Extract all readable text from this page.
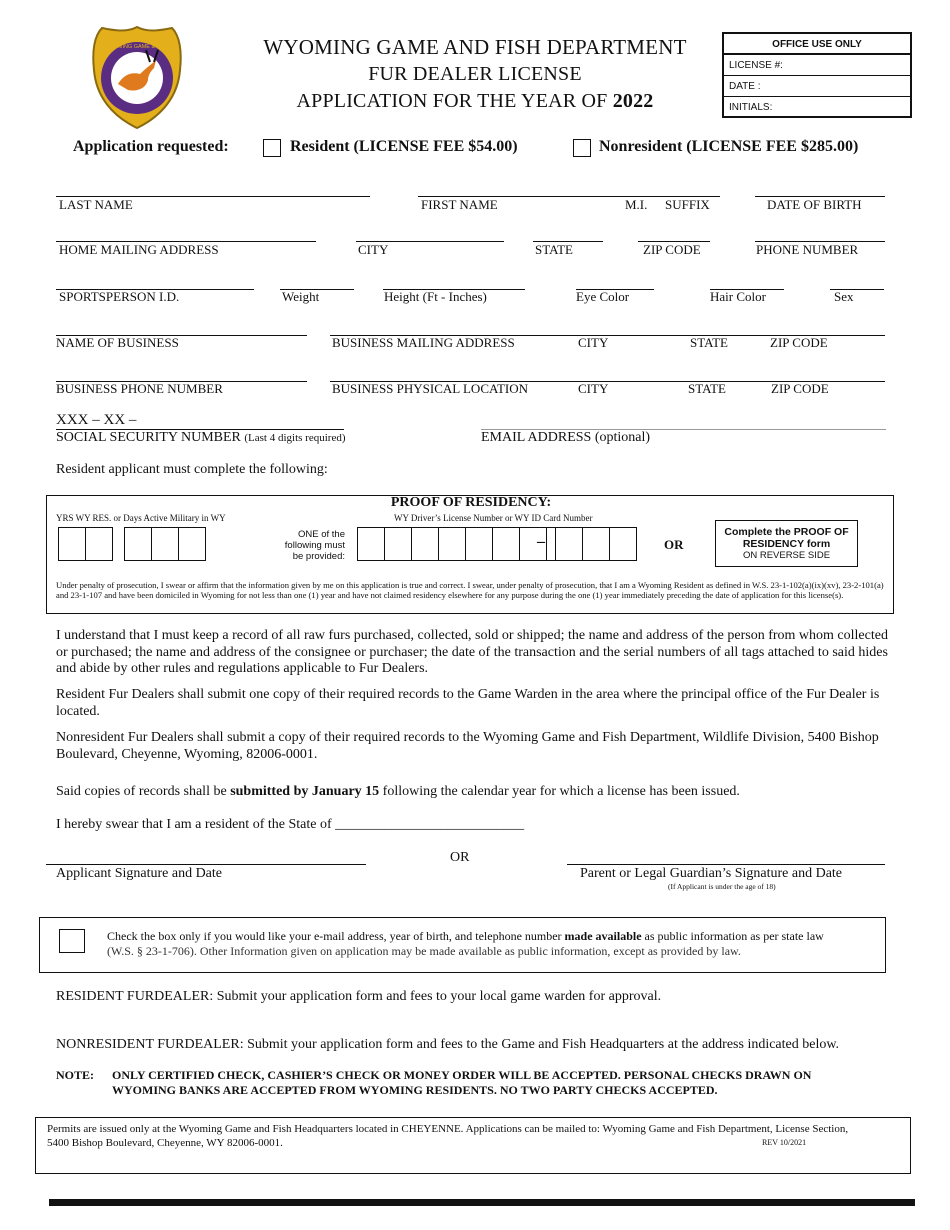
WYOMING GAME & FISH	WYOMING GAME AND FISH DEPARTMENT
FUR DEALER LICENSE
APPLICATION FOR THE YEAR OF 2022
OFFICE USE ONLY
LICENSE #:
DATE :
INITIALS:
Application requested:	Resident (LICENSE FEE $54.00)	Nonresident (LICENSE FEE $285.00)
LAST NAME	FIRST NAME	M.I. SUFFIX	DATE OF BIRTH
HOME MAILING ADDRESS	CITY	STATE	ZIP CODE	PHONE NUMBER
SPORTSPERSON I.D.	Weight	Height (Ft - Inches)	Eye Color	Hair Color	Sex
NAME OF BUSINESS	BUSINESS MAILING ADDRESS	CITY	STATE	ZIP CODE
BUSINESS PHONE NUMBER	BUSINESS PHYSICAL LOCATION	CITY	STATE	ZIP CODE
XXX – XX –
SOCIAL SECURITY NUMBER (Last 4 digits required)	EMAIL ADDRESS (optional)
Resident applicant must complete the following:
PROOF OF RESIDENCY:
YRS WY RES. or Days Active Military in WY	WY Driver’s License Number or WY ID Card Number
ONE of the
following must
be provided:
–	OR
Complete the PROOF OF
RESIDENCY form
ON REVERSE SIDE
Under penalty of prosecution, I swear or affirm that the information given by me on this application is true and correct. I swear, under penalty of prosecution, that I am a Wyoming Resident as defined in W.S. 23-1-102(a)(ix)(xv), 23-2-101(a) and 23-1-107 and have been domiciled in Wyoming for not less than one (1) year and have not claimed residency elsewhere for any purpose during the one (1) year immediately preceding the date of application for this license(s).
I understand that I must keep a record of all raw furs purchased, collected, sold or shipped; the name and address of the person from whom collected or purchased; the name and address of the consignee or purchaser; the date of the transaction and the serial numbers of all tags attached to said hides and abide by other rules and regulations applicable to Fur Dealers.
Resident Fur Dealers shall submit one copy of their required records to the Game Warden in the area where the principal office of the Fur Dealer is located.
Nonresident Fur Dealers shall submit a copy of their required records to the Wyoming Game and Fish Department, Wildlife Division, 5400 Bishop Boulevard, Cheyenne, Wyoming, 82006-0001.
Said copies of records shall be submitted by January 15 following the calendar year for which a license has been issued.
I hereby swear that I am a resident of the State of ___________________________
OR
Applicant Signature and Date	Parent or Legal Guardian’s Signature and Date
(If Applicant is under the age of 18)
Check the box only if you would like your e-mail address, year of birth, and telephone number made available as public information as per state law
(W.S. § 23-1-706). Other Information given on application may be made available as public information, except as provided by law.
RESIDENT FURDEALER: Submit your application form and fees to your local game warden for approval.
NONRESIDENT FURDEALER: Submit your application form and fees to the Game and Fish Headquarters at the address indicated below.
NOTE: ONLY CERTIFIED CHECK, CASHIER’S CHECK OR MONEY ORDER WILL BE ACCEPTED. PERSONAL CHECKS DRAWN ON
WYOMING BANKS ARE ACCEPTED FROM WYOMING RESIDENTS. NO TWO PARTY CHECKS ACCEPTED.
Permits are issued only at the Wyoming Game and Fish Headquarters located in CHEYENNE. Applications can be mailed to: Wyoming Game and Fish Department, License Section,
5400 Bishop Boulevard, Cheyenne, WY 82006-0001.	REV 10/2021
